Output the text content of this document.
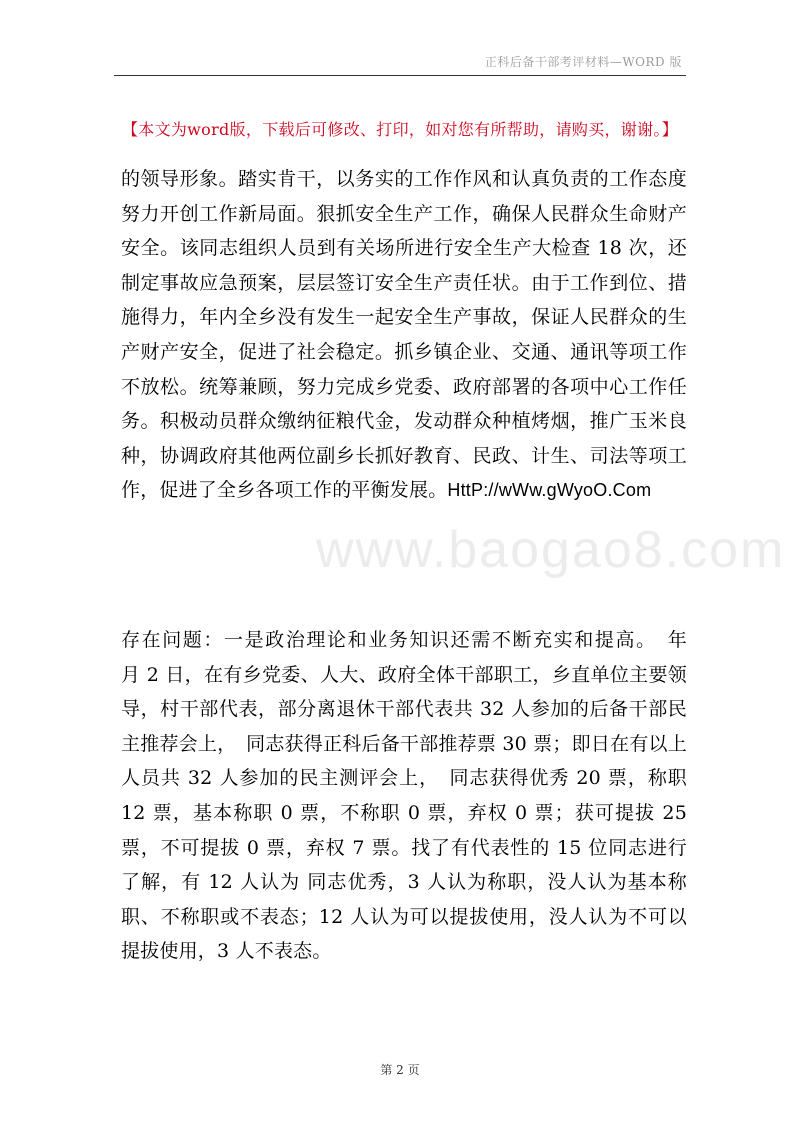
正科后备干部考评材料—WORD 版
【本文为word版，下载后可修改、打印，如对您有所帮助，请购买，谢谢。】
的领导形象。踏实肯干，以务实的工作作风和认真负责的工作态度努力开创工作新局面。狠抓安全生产工作，确保人民群众生命财产安全。该同志组织人员到有关场所进行安全生产大检查 18 次，还制定事故应急预案，层层签订安全生产责任状。由于工作到位、措施得力，年内全乡没有发生一起安全生产事故，保证人民群众的生产财产安全，促进了社会稳定。抓乡镇企业、交通、通讯等项工作不放松。统筹兼顾，努力完成乡党委、政府部署的各项中心工作任务。积极动员群众缴纳征粮代金，发动群众种植烤烟，推广玉米良种，协调政府其他两位副乡长抓好教育、民政、计生、司法等项工作，促进了全乡各项工作的平衡发展。HttP://wWw.gWyoO.Com
www.baogao8.com
存在问题：一是政治理论和业务知识还需不断充实和提高。　年　月 2 日，在有乡党委、人大、政府全体干部职工，乡直单位主要领导，村干部代表，部分离退休干部代表共 32 人参加的后备干部民主推荐会上，　同志获得正科后备干部推荐票 30 票；即日在有以上人员共 32 人参加的民主测评会上，　同志获得优秀 20 票，称职 12 票，基本称职 0 票，不称职 0 票，弃权 0 票；获可提拔 25 票，不可提拔 0 票，弃权 7 票。找了有代表性的 15 位同志进行了解，有 12 人认为 同志优秀，3 人认为称职，没人认为基本称职、不称职或不表态；12 人认为可以提拔使用，没人认为不可以提拔使用，3 人不表态。
第 2 页
